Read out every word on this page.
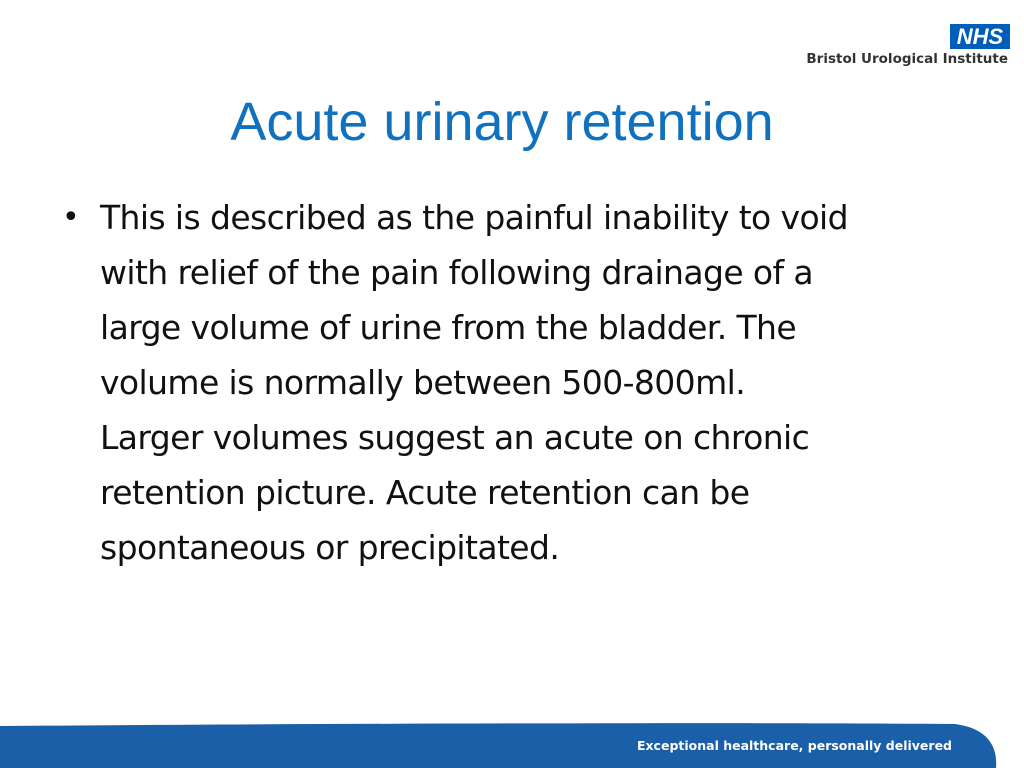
NHS
Bristol Urological Institute
Acute urinary retention
• This is described as the painful inability to void
with relief of the pain following drainage of a
large volume of urine from the bladder. The
volume is normally between 500-800ml.
Larger volumes suggest an acute on chronic
retention picture. Acute retention can be
spontaneous or precipitated.
Exceptional healthcare, personally delivered
